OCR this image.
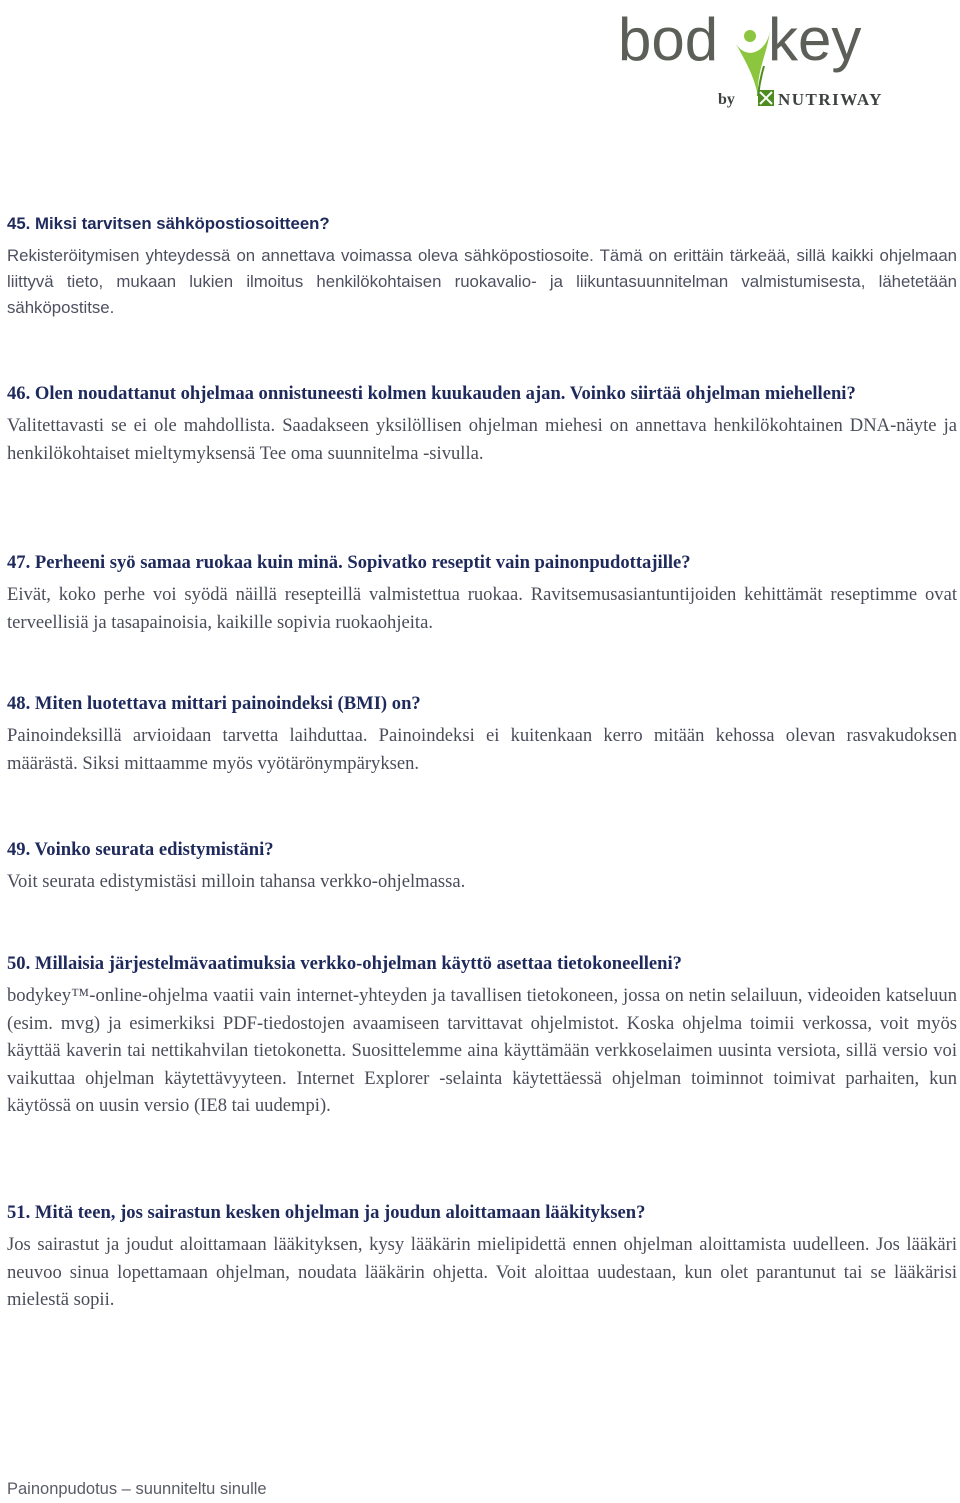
bod key
by	NUTRIWAY

45. Miksi tarvitsen sähköpostiosoitteen?

Rekisteröitymisen yhteydessä on annettava voimassa oleva sähköpostiosoite. Tämä on erittäin tärkeää, sillä kaikki ohjelmaan liittyvä tieto, mukaan lukien ilmoitus henkilökohtaisen ruokavalio- ja liikuntasuunnitelman valmistumisesta, lähetetään sähköpostitse.

46. Olen noudattanut ohjelmaa onnistuneesti kolmen kuukauden ajan. Voinko siirtää ohjelman miehelleni?

Valitettavasti se ei ole mahdollista. Saadakseen yksilöllisen ohjelman miehesi on annettava henkilökohtainen DNA-näyte ja henkilökohtaiset mieltymyksensä Tee oma suunnitelma -sivulla.

47. Perheeni syö samaa ruokaa kuin minä. Sopivatko reseptit vain painonpudottajille?

Eivät, koko perhe voi syödä näillä resepteillä valmistettua ruokaa. Ravitsemusasiantuntijoiden kehittämät reseptimme ovat terveellisiä ja tasapainoisia, kaikille sopivia ruokaohjeita.

48. Miten luotettava mittari painoindeksi (BMI) on?

Painoindeksillä arvioidaan tarvetta laihduttaa. Painoindeksi ei kuitenkaan kerro mitään kehossa olevan rasvakudoksen määrästä. Siksi mittaamme myös vyötärönympäryksen.

49. Voinko seurata edistymistäni?

Voit seurata edistymistäsi milloin tahansa verkko-ohjelmassa.

50. Millaisia järjestelmävaatimuksia verkko-ohjelman käyttö asettaa tietokoneelleni?

bodykey™-online-ohjelma vaatii vain internet-yhteyden ja tavallisen tietokoneen, jossa on netin selailuun, videoiden katseluun (esim. mvg) ja esimerkiksi PDF-tiedostojen avaamiseen tarvittavat ohjelmistot. Koska ohjelma toimii verkossa, voit myös käyttää kaverin tai nettikahvilan tietokonetta. Suosittelemme aina käyttämään verkkoselaimen uusinta versiota, sillä versio voi vaikuttaa ohjelman käytettävyyteen. Internet Explorer -selainta käytettäessä ohjelman toiminnot toimivat parhaiten, kun käytössä on uusin versio (IE8 tai uudempi).

51. Mitä teen, jos sairastun kesken ohjelman ja joudun aloittamaan lääkityksen?

Jos sairastut ja joudut aloittamaan lääkityksen, kysy lääkärin mielipidettä ennen ohjelman aloittamista uudelleen. Jos lääkäri neuvoo sinua lopettamaan ohjelman, noudata lääkärin ohjetta. Voit aloittaa uudestaan, kun olet parantunut tai se lääkärisi mielestä sopii.

Painonpudotus – suunniteltu sinulle
